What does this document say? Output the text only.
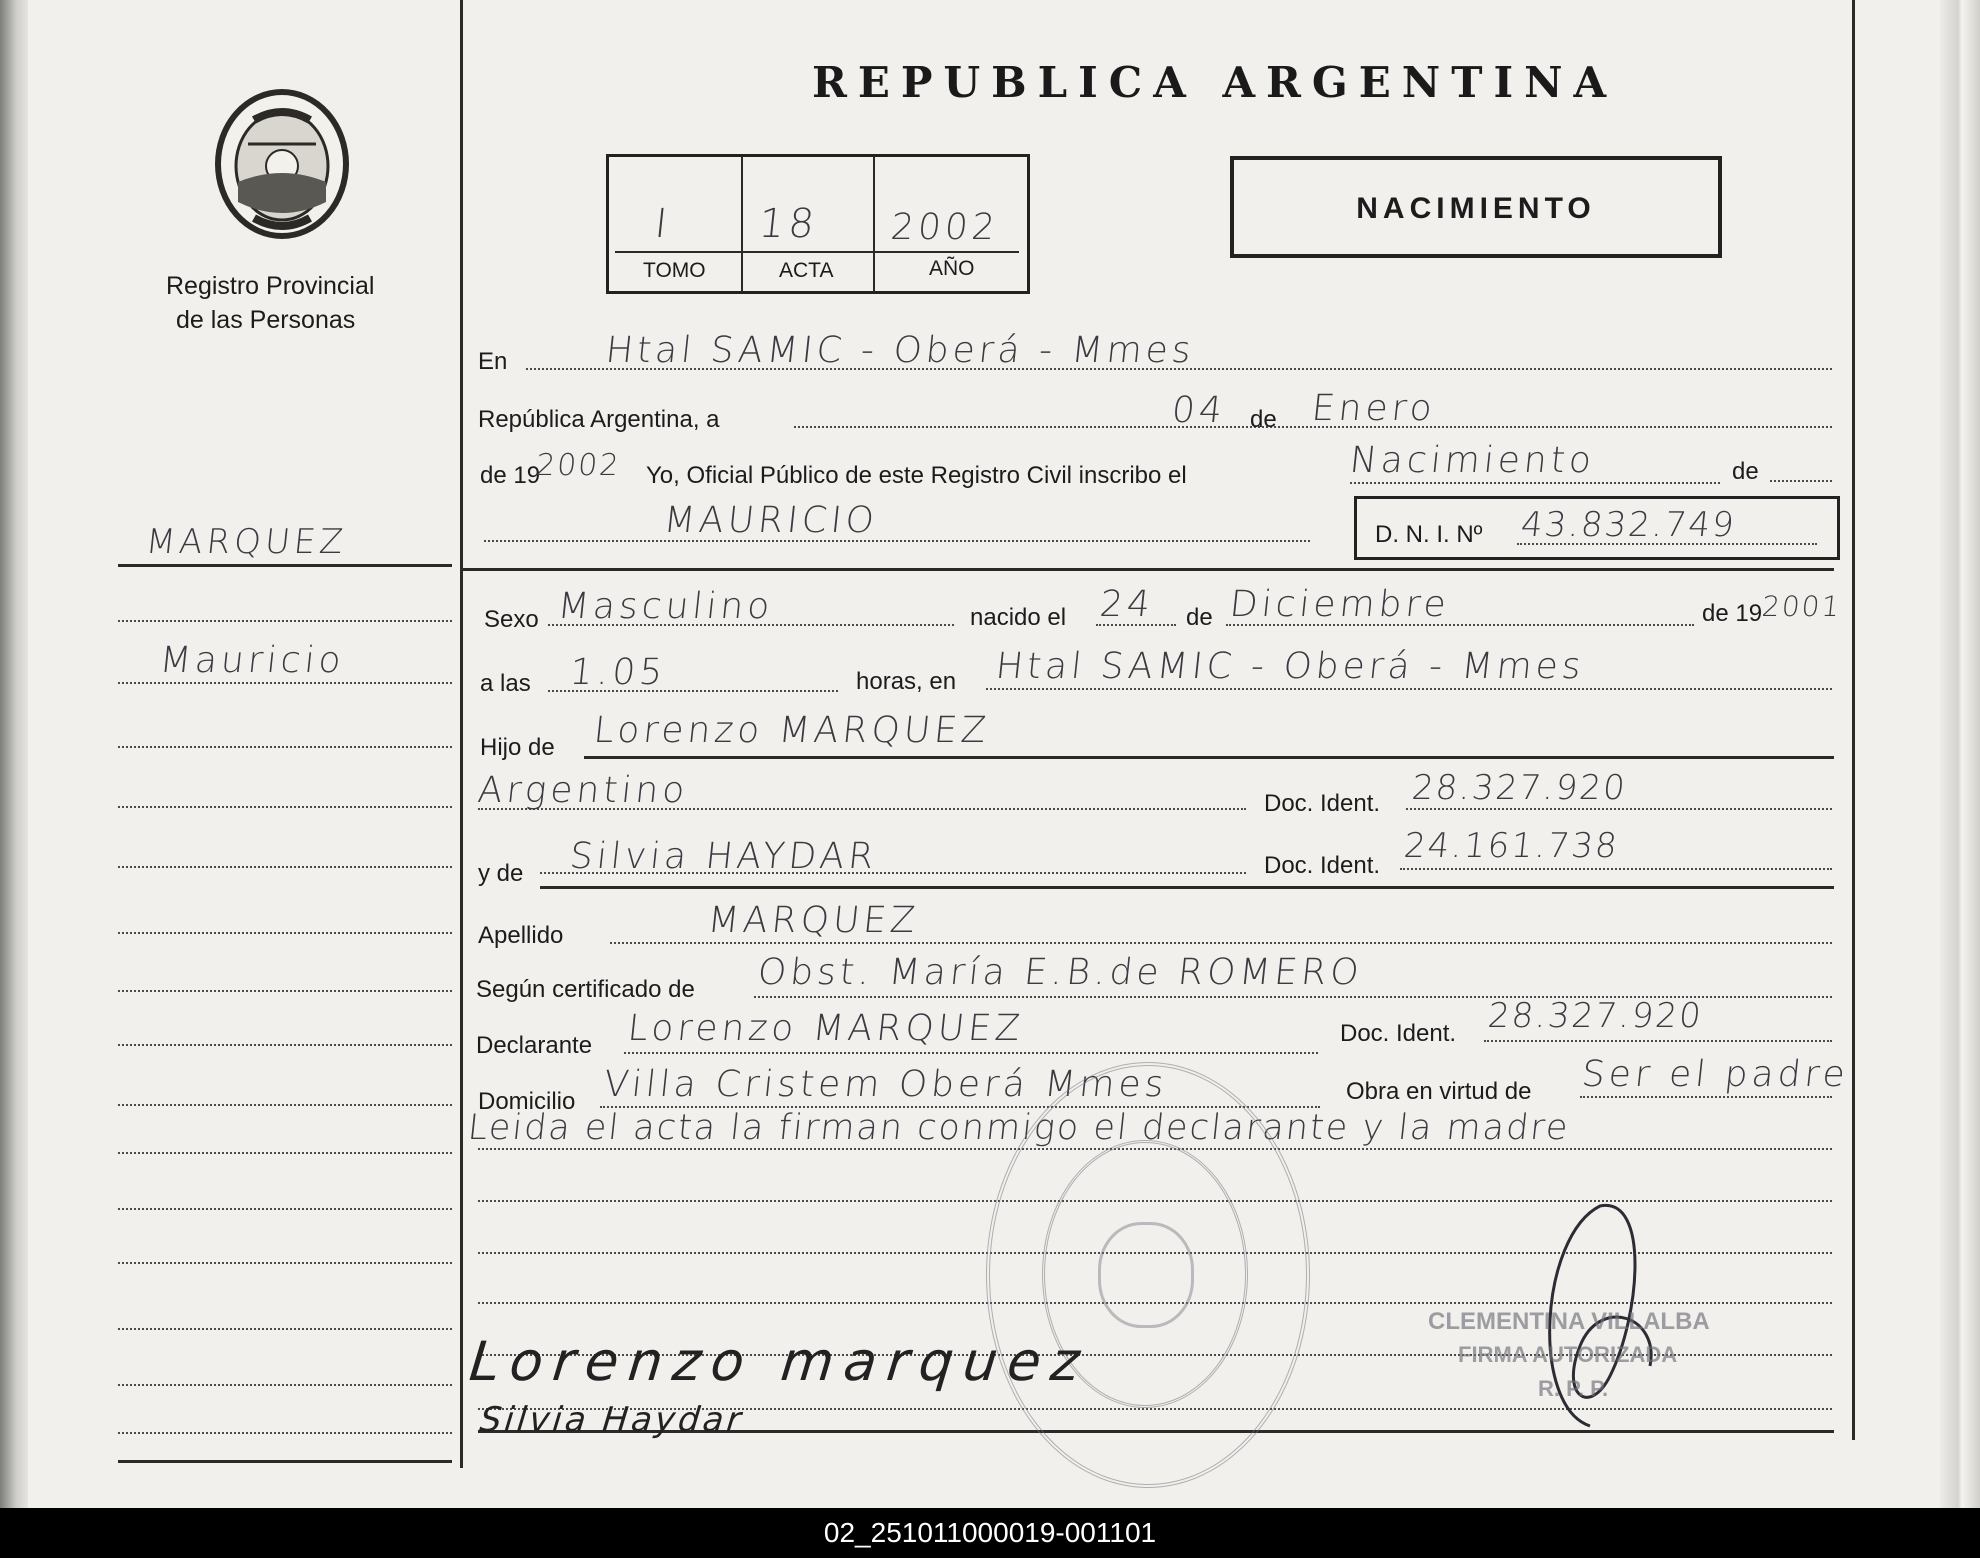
Registro Provincial
de las Personas
REPUBLICA ARGENTINA
I 18 2002
TOMO	ACTA	AÑO
NACIMIENTO
En	Htal SAMIC - Oberá - Mmes
República Argentina, a	04 de Enero
de 19
2002 Yo, Oficial Público de este Registro Civil inscribo el	Nacimiento	de
MAURICIO	D. N. I. Nº 43.832.749
MARQUEZ
Mauricio
Sexo Masculino	nacido el 24 de Diciembre	de 19
2001
a las 1.05	horas, en Htal SAMIC - Oberá - Mmes
Hijo de Lorenzo MARQUEZ
Argentino	Doc. Ident. 28.327.920
y de Silvia HAYDAR	Doc. Ident. 24.161.738
Apellido	MARQUEZ
Según certificado de Obst. María E.B.de ROMERO
Declarante Lorenzo MARQUEZ	Doc. Ident. 28.327.920
Domicilio Villa Cristem Oberá Mmes	Obra en virtud de Ser el padre
Leida el acta la firman conmigo el declarante y la madre
Lorenzo marquez
Silvia Haydar
CLEMENTINA VILLALBA
FIRMA AUTORIZADA
R. P. P.
02_251011000019-001101
